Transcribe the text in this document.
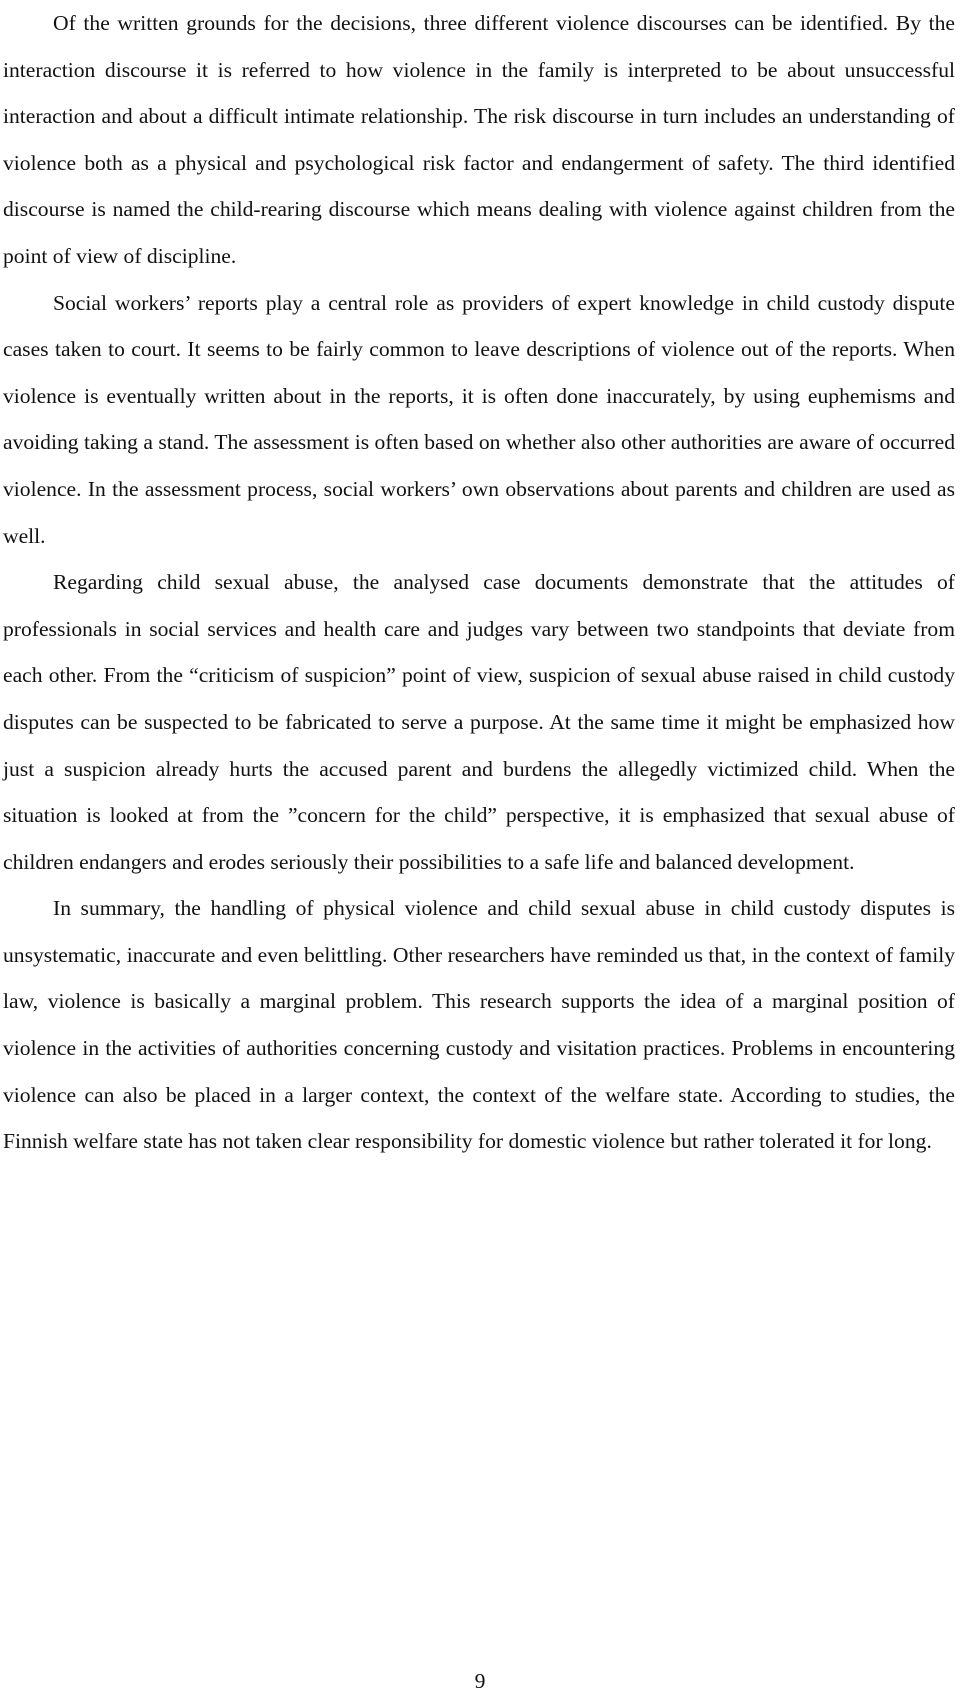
Of the written grounds for the decisions, three different violence discourses can be identified. By the interaction discourse it is referred to how violence in the family is interpreted to be about unsuccessful interaction and about a difficult intimate relationship. The risk discourse in turn includes an understanding of violence both as a physical and psychological risk factor and endangerment of safety. The third identified discourse is named the child-rearing discourse which means dealing with violence against children from the point of view of discipline.

Social workers’ reports play a central role as providers of expert knowledge in child custody dispute cases taken to court. It seems to be fairly common to leave descriptions of violence out of the reports. When violence is eventually written about in the reports, it is often done inaccurately, by using euphemisms and avoiding taking a stand. The assessment is often based on whether also other authorities are aware of occurred violence. In the assessment process, social workers’ own observations about parents and children are used as well.

Regarding child sexual abuse, the analysed case documents demonstrate that the attitudes of professionals in social services and health care and judges vary between two standpoints that deviate from each other. From the “criticism of suspicion” point of view, suspicion of sexual abuse raised in child custody disputes can be suspected to be fabricated to serve a purpose. At the same time it might be emphasized how just a suspicion already hurts the accused parent and burdens the allegedly victimized child. When the situation is looked at from the ”concern for the child” perspective, it is emphasized that sexual abuse of children endangers and erodes seriously their possibilities to a safe life and balanced development.

In summary, the handling of physical violence and child sexual abuse in child custody disputes is unsystematic, inaccurate and even belittling. Other researchers have reminded us that, in the context of family law, violence is basically a marginal problem. This research supports the idea of a marginal position of violence in the activities of authorities concerning custody and visitation practices. Problems in encountering violence can also be placed in a larger context, the context of the welfare state. According to studies, the Finnish welfare state has not taken clear responsibility for domestic violence but rather tolerated it for long.

9
